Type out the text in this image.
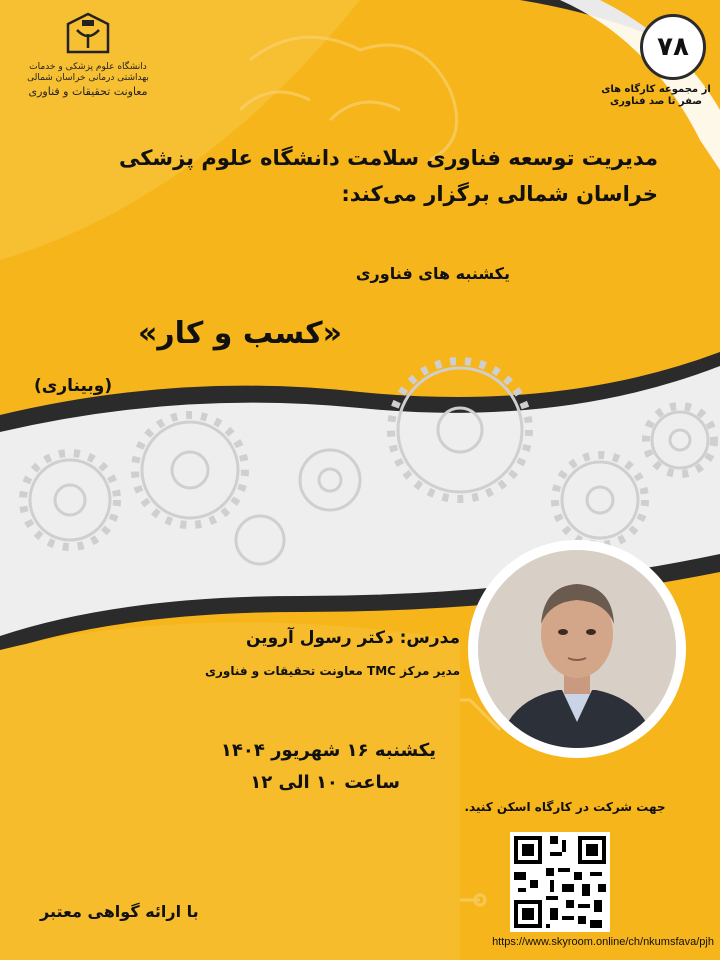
دانشگاه علوم پزشکی و خدمات بهداشتی درمانی خراسان شمالی
معاونت تحقیقات و فناوری
۷۸
از مجموعه کارگاه های
صفر تا صد فناوری
مدیریت توسعه فناوری سلامت دانشگاه علوم پزشکی
خراسان شمالی برگزار می‌کند:
یکشنبه های فناوری
«کسب و کار»
(وبیناری)
مدرس: دکتر رسول آروین
مدیر مرکز TMC معاونت تحقیقات و فناوری
یکشنبه ۱۶ شهریور ۱۴۰۴
ساعت ۱۰ الی ۱۲
جهت شرکت در کارگاه اسکن کنید.
با ارائه گواهی معتبر
https://www.skyroom.online/ch/nkumsfava/pjh
